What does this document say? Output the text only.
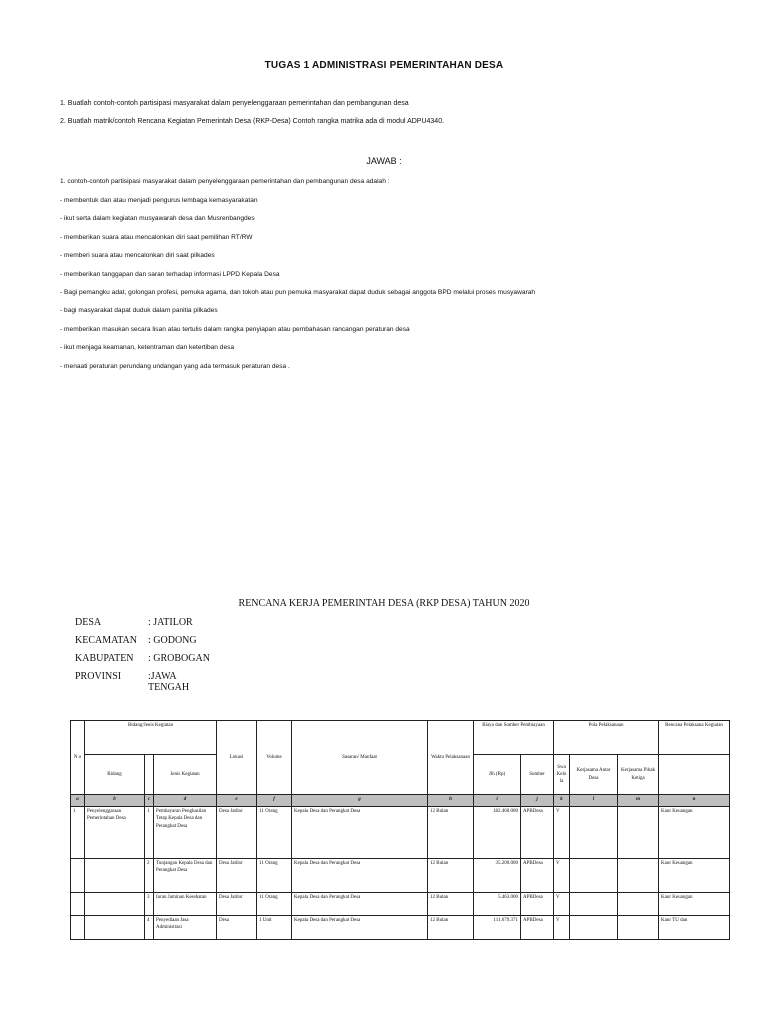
TUGAS 1 ADMINISTRASI PEMERINTAHAN DESA
1. Buatlah contoh-contoh partisipasi masyarakat dalam penyelenggaraan pemerintahan dan pembangunan desa
2. Buatlah matrik/contoh Rencana Kegiatan Pemerintah Desa (RKP-Desa) Contoh rangka matrika ada di modul ADPU4340.
JAWAB :
1. contoh-contoh partisipasi masyarakat dalam penyelenggaraan pemerintahan dan pembangunan desa adalah :
- membentuk dan atau menjadi pengurus lembaga kemasyarakatan
- ikut serta dalam kegiatan musyawarah desa dan Musrenbangdes
- memberikan suara atau mencalonkan diri saat pemilihan RT/RW
- memberi suara atau mencalonkan diri saat pilkades
- memberikan tanggapan dan saran terhadap informasi LPPD Kepala Desa
- Bagi pemangku adat, golongan profesi, pemuka agama, dan tokoh atau pun pemuka masyarakat dapat duduk sebagai anggota BPD melalui proses musyawarah
- bagi masyarakat dapat duduk dalam panitia pilkades
- memberikan masukan secara lisan atau tertulis dalam rangka penyiapan atau pembahasan rancangan peraturan desa
- ikut menjaga keamanan, ketentraman dan ketertiban desa
- menaati peraturan perundang undangan yang ada termasuk peraturan desa .
RENCANA KERJA PEMERINTAH DESA (RKP DESA) TAHUN 2020
DESA	: JATILOR
KECAMATAN : GODONG
KABUPATEN : GROBOGAN
PROVINSI	:JAWA TENGAH
N o	Bidang/Jenis Kegiatan			Lokasi	Volume	Sasaran/ Manfaat	Waktu Pelaksanaan	Biaya dan Sumber Pembiayaan		Pola Pelaksanaan			Rencana Pelaksana Kegiatan
	Bidang		Jenis Kegiatan					Jlh (Rp)	Sumber	Swa Kelo la	Kerjasama Antar Desa	Kerjasama Pihak Ketiga	
a	b	c	d	e	f	g	h	i	j	k	l	m	n
1	Penyelenggaraan Pemerintahan Desa	1	Pembayaran Penghasilan Tetap Kepala Desa dan Perangkat Desa	Desa Jatilor	11 Orang	Kepala Desa dan Perangkat Desa	12 Bulan	182.460.000	APBDesa	V			Kaur Keuangan
		2	Tunjangan Kepala Desa dan Perangkat Desa	Desa Jatilor	11 Orang	Kepala Desa dan Perangkat Desa	12 Bulan	35.200.000	APBDesa	V			Kaur Keuangan
		3	Iuran Jaminan Kesehatan	Desa Jatilor	11 Orang	Kepala Desa dan Perangkat Desa	12 Bulan	5.463.000	APBDesa	V			Kaur Keuangan
		4	Penyediaan Jasa Administrasi	Desa	1 Unit	Kepala Desa dan Perangkat Desa	12 Bulan	111.679.371	APBDesa	V			Kaur TU dan
